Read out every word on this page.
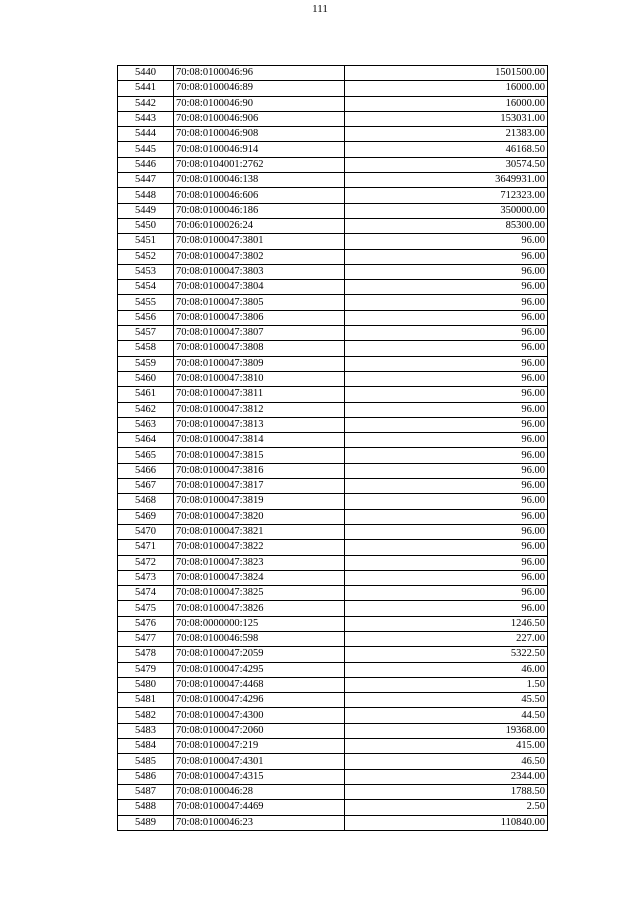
111
5440	70:08:0100046:96	1501500.00
5441	70:08:0100046:89	16000.00
5442	70:08:0100046:90	16000.00
5443	70:08:0100046:906	153031.00
5444	70:08:0100046:908	21383.00
5445	70:08:0100046:914	46168.50
5446	70:08:0104001:2762	30574.50
5447	70:08:0100046:138	3649931.00
5448	70:08:0100046:606	712323.00
5449	70:08:0100046:186	350000.00
5450	70:06:0100026:24	85300.00
5451	70:08:0100047:3801	96.00
5452	70:08:0100047:3802	96.00
5453	70:08:0100047:3803	96.00
5454	70:08:0100047:3804	96.00
5455	70:08:0100047:3805	96.00
5456	70:08:0100047:3806	96.00
5457	70:08:0100047:3807	96.00
5458	70:08:0100047:3808	96.00
5459	70:08:0100047:3809	96.00
5460	70:08:0100047:3810	96.00
5461	70:08:0100047:3811	96.00
5462	70:08:0100047:3812	96.00
5463	70:08:0100047:3813	96.00
5464	70:08:0100047:3814	96.00
5465	70:08:0100047:3815	96.00
5466	70:08:0100047:3816	96.00
5467	70:08:0100047:3817	96.00
5468	70:08:0100047:3819	96.00
5469	70:08:0100047:3820	96.00
5470	70:08:0100047:3821	96.00
5471	70:08:0100047:3822	96.00
5472	70:08:0100047:3823	96.00
5473	70:08:0100047:3824	96.00
5474	70:08:0100047:3825	96.00
5475	70:08:0100047:3826	96.00
5476	70:08:0000000:125	1246.50
5477	70:08:0100046:598	227.00
5478	70:08:0100047:2059	5322.50
5479	70:08:0100047:4295	46.00
5480	70:08:0100047:4468	1.50
5481	70:08:0100047:4296	45.50
5482	70:08:0100047:4300	44.50
5483	70:08:0100047:2060	19368.00
5484	70:08:0100047:219	415.00
5485	70:08:0100047:4301	46.50
5486	70:08:0100047:4315	2344.00
5487	70:08:0100046:28	1788.50
5488	70:08:0100047:4469	2.50
5489	70:08:0100046:23	110840.00
